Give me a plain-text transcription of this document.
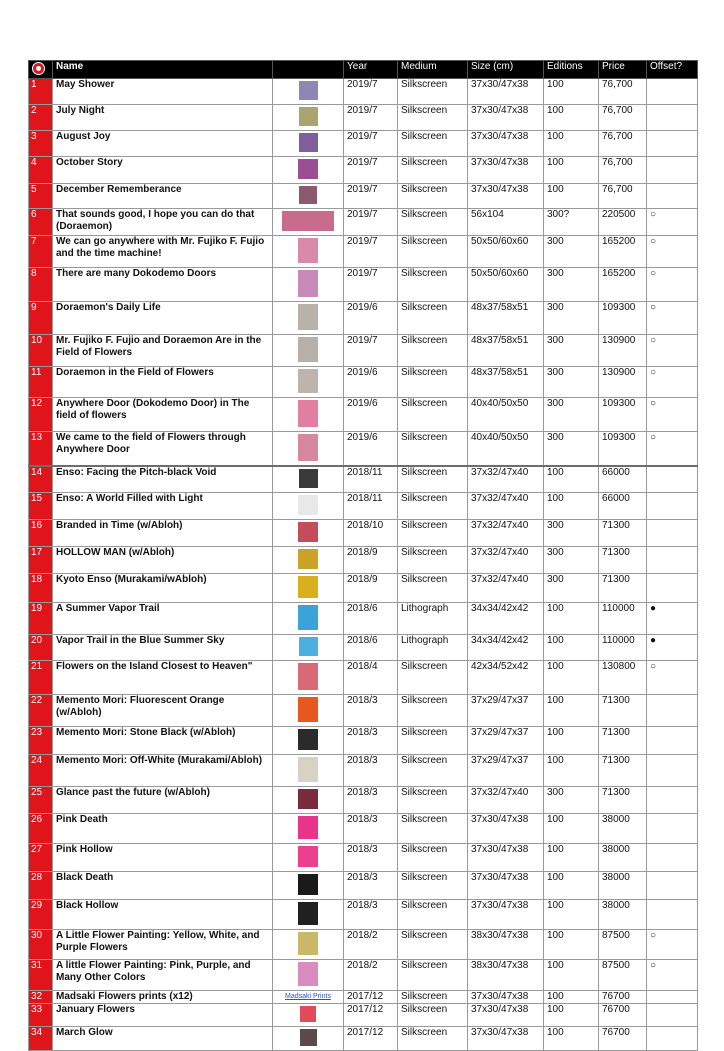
	Name		Year	Medium	Size (cm)	Editions	Price	Offset?
1	May Shower		2019/7	Silkscreen	37x30/47x38	100	76,700	
2	July Night		2019/7	Silkscreen	37x30/47x38	100	76,700	
3	August Joy		2019/7	Silkscreen	37x30/47x38	100	76,700	
4	October Story		2019/7	Silkscreen	37x30/47x38	100	76,700	
5	December Rememberance		2019/7	Silkscreen	37x30/47x38	100	76,700	
6	That sounds good, I hope you can do that (Doraemon)		2019/7	Silkscreen	56x104	300?	220500	○
7	We can go anywhere with Mr. Fujiko F. Fujio and the time machine!		2019/7	Silkscreen	50x50/60x60	300	165200	○
8	There are many Dokodemo Doors		2019/7	Silkscreen	50x50/60x60	300	165200	○
9	Doraemon's Daily Life		2019/6	Silkscreen	48x37/58x51	300	109300	○
10	Mr. Fujiko F. Fujio and Doraemon Are in the Field of Flowers		2019/7	Silkscreen	48x37/58x51	300	130900	○
11	Doraemon in the Field of Flowers		2019/6	Silkscreen	48x37/58x51	300	130900	○
12	Anywhere Door (Dokodemo Door) in The field of flowers		2019/6	Silkscreen	40x40/50x50	300	109300	○
13	We came to the field of Flowers through Anywhere Door		2019/6	Silkscreen	40x40/50x50	300	109300	○
14	Enso: Facing the Pitch-black Void		2018/11	Silkscreen	37x32/47x40	100	66000	
15	Enso: A World Filled with Light		2018/11	Silkscreen	37x32/47x40	100	66000	
16	Branded in Time (w/Abloh)		2018/10	Silkscreen	37x32/47x40	300	71300	
17	HOLLOW MAN (w/Abloh)		2018/9	Silkscreen	37x32/47x40	300	71300	
18	Kyoto Enso (Murakami/wAbloh)		2018/9	Silkscreen	37x32/47x40	300	71300	
19	A Summer Vapor Trail		2018/6	Lithograph	34x34/42x42	100	110000	●
20	Vapor Trail in the Blue Summer Sky		2018/6	Lithograph	34x34/42x42	100	110000	●
21	Flowers on the Island Closest to Heaven"		2018/4	Silkscreen	42x34/52x42	100	130800	○
22	Memento Mori: Fluorescent Orange (w/Abloh)		2018/3	Silkscreen	37x29/47x37	100	71300	
23	Memento Mori: Stone Black (w/Abloh)		2018/3	Silkscreen	37x29/47x37	100	71300	
24	Memento Mori: Off-White (Murakami/Abloh)		2018/3	Silkscreen	37x29/47x37	100	71300	
25	Glance past the future (w/Abloh)		2018/3	Silkscreen	37x32/47x40	300	71300	
26	Pink Death		2018/3	Silkscreen	37x30/47x38	100	38000	
27	Pink Hollow		2018/3	Silkscreen	37x30/47x38	100	38000	
28	Black Death		2018/3	Silkscreen	37x30/47x38	100	38000	
29	Black Hollow		2018/3	Silkscreen	37x30/47x38	100	38000	
30	A Little Flower Painting: Yellow, White, and Purple Flowers		2018/2	Silkscreen	38x30/47x38	100	87500	○
31	A little Flower Painting: Pink, Purple, and Many Other Colors		2018/2	Silkscreen	38x30/47x38	100	87500	○
32	Madsaki Flowers prints (x12)	Madsaki Prints	2017/12	Silkscreen	37x30/47x38	100	76700	
33	January Flowers		2017/12	Silkscreen	37x30/47x38	100	76700	
34	March Glow		2017/12	Silkscreen	37x30/47x38	100	76700	
